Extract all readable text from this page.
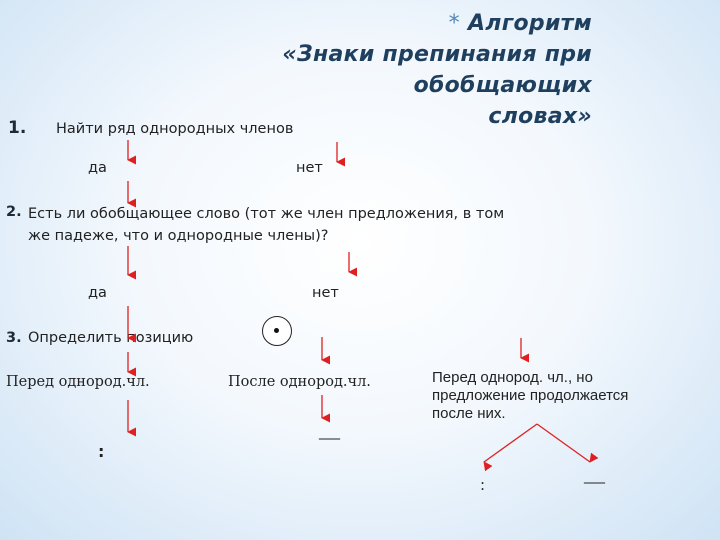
* Алгоритм
«Знаки препинания при обобщающих
словах»
1. Найти ряд однородных членов
да	нет
2. Есть ли обобщающее слово (тот же член предложения, в том
же падеже, что и однородные члены)?
да	нет
3. Определить позицию
Перед однород.чл.	После однород.чл.	Перед однород. чл., но
предложение продолжается
после них.
:
___
:	___
